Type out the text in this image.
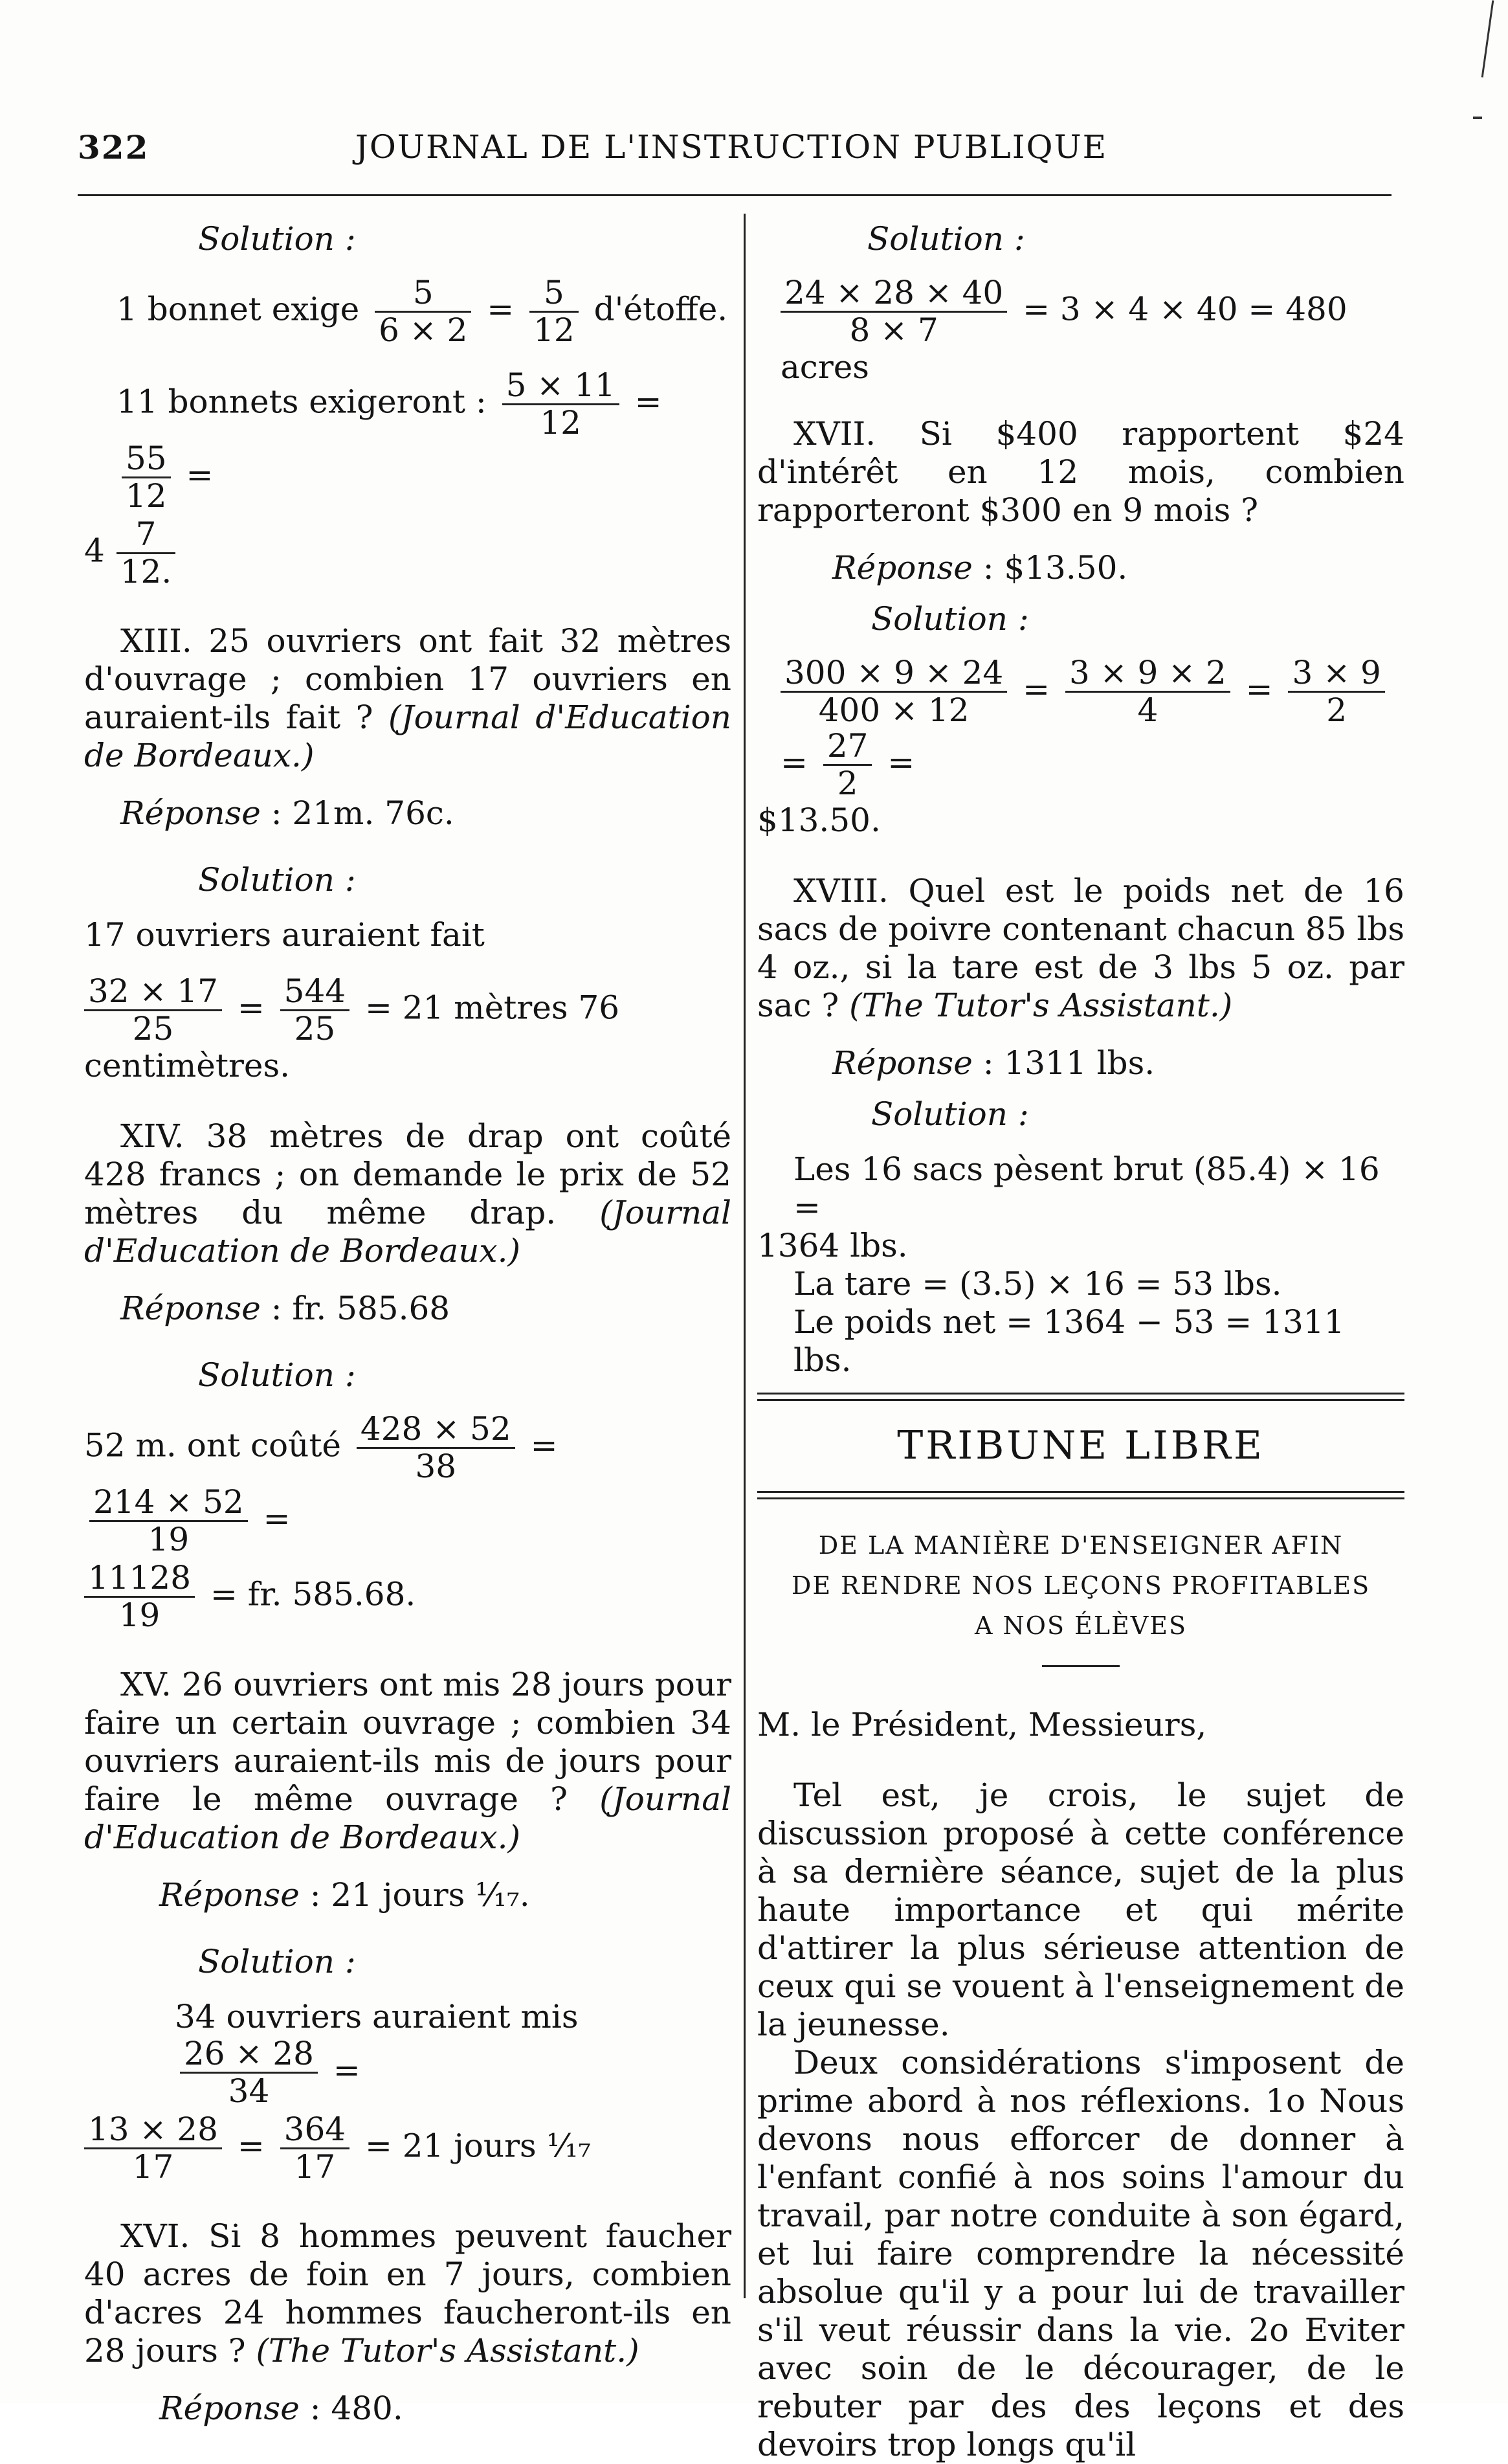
322	JOURNAL DE L'INSTRUCTION PUBLIQUE
Solution :
1 bonnet exige $\frac{5}{6 \times 2} = \frac{5}{12}$ d'étoffe.
11 bonnets exigeront : $\frac{5 \times 11}{12}$ =
$\frac{55}{12}$ =
$4 \frac{7}{12.}$

XIII. 25 ouvriers ont fait 32 mètres d'ouvrage ; combien 17 ouvriers en auraient-ils fait ? (Journal d'Education de Bordeaux.)

Réponse : 21m. 76c.
Solution :
17 ouvriers auraient fait
$\frac{32 \times 17}{25} = \frac{544}{25} = 21$ mètres 76 centimètres.

XIV. 38 mètres de drap ont coûté 428 francs ; on demande le prix de 52 mètres du même drap. (Journal d'Education de Bordeaux.)

Réponse : fr. 585.68
Solution :
52 m. ont coûté $\frac{428 \times 52}{38}$ =
$\frac{214 \times 52}{19}$ =
$\frac{11128}{19}$ = fr. 585.68.

XV. 26 ouvriers ont mis 28 jours pour faire un certain ouvrage ; combien 34 ouvriers auraient-ils mis de jours pour faire le même ouvrage ? (Journal d'Education de Bordeaux.)

Réponse : 21 jours ¹⁄₁₇.
Solution :
34 ouvriers auraient mis
$\frac{26 \times 28}{34}$ =
$\frac{13 \times 28}{17} = \frac{364}{17} = 21$ jours ¹⁄₁₇

XVI. Si 8 hommes peuvent faucher 40 acres de foin en 7 jours, combien d'acres 24 hommes faucheront-ils en 28 jours ? (The Tutor's Assistant.)

Réponse : 480.
Solution :
$\frac{24 \times 28 \times 40}{8 \times 7} = 3 \times 4 \times 40 = 480$ acres

XVII. Si $400 rapportent $24 d'intérêt en 12 mois, combien rapporteront $300 en 9 mois ?

Réponse : $13.50.
Solution :
$\frac{300 \times 9 \times 24}{400 \times 12} = \frac{3 \times 9 \times 2}{4} = \frac{3 \times 9}{2}$
= $\frac{27}{2}$ =
$13.50.

XVIII. Quel est le poids net de 16 sacs de poivre contenant chacun 85 lbs 4 oz., si la tare est de 3 lbs 5 oz. par sac ? (The Tutor's Assistant.)

Réponse : 1311 lbs.
Solution :
Les 16 sacs pèsent brut (85.4) × 16 =
1364 lbs.
La tare = (3.5) × 16 = 53 lbs.
Le poids net = 1364 − 53 = 1311 lbs.
TRIBUNE LIBRE
DE LA MANIÈRE D'ENSEIGNER AFIN
DE RENDRE NOS LEÇONS PROFITABLES
A NOS ÉLÈVES

M. le Président, Messieurs,

Tel est, je crois, le sujet de discussion proposé à cette conférence à sa dernière séance, sujet de la plus haute importance et qui mérite d'attirer la plus sérieuse attention de ceux qui se vouent à l'enseignement de la jeunesse.

Deux considérations s'imposent de prime abord à nos réflexions. 1o Nous devons nous efforcer de donner à l'enfant confié à nos soins l'amour du travail, par notre conduite à son égard, et lui faire comprendre la nécessité absolue qu'il y a pour lui de travailler s'il veut réussir dans la vie. 2o Eviter avec soin de le décourager, de le rebuter par des des leçons et des devoirs trop longs qu'il
